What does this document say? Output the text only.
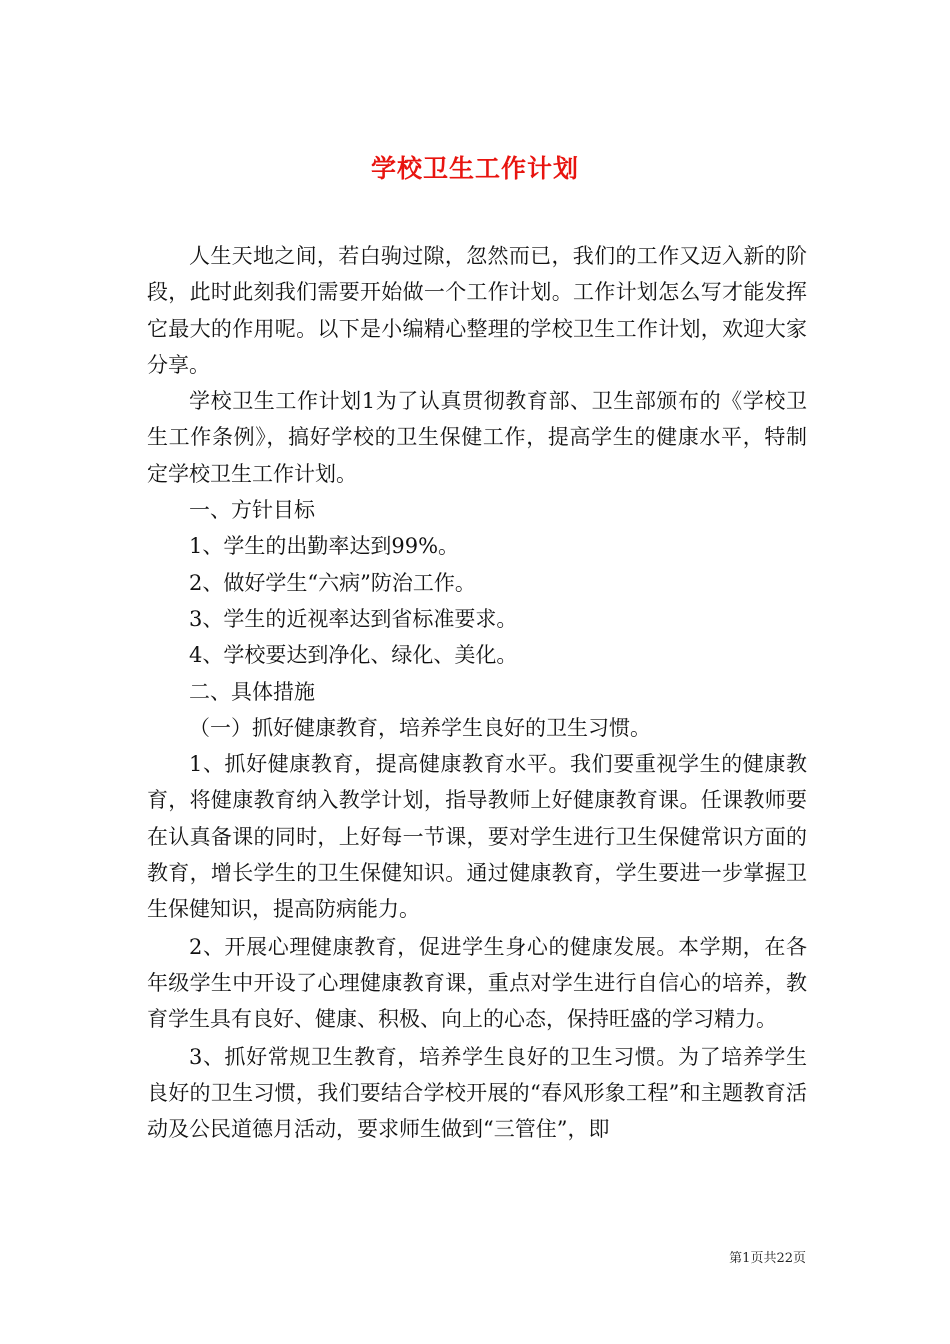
学校卫生工作计划

人生天地之间，若白驹过隙，忽然而已，我们的工作又迈入新的阶段，此时此刻我们需要开始做一个工作计划。工作计划怎么写才能发挥它最大的作用呢。以下是小编精心整理的学校卫生工作计划，欢迎大家分享。

学校卫生工作计划1为了认真贯彻教育部、卫生部颁布的《学校卫生工作条例》，搞好学校的卫生保健工作，提高学生的健康水平，特制定学校卫生工作计划。

一、方针目标

1、学生的出勤率达到99%。

2、做好学生“六病”防治工作。

3、学生的近视率达到省标准要求。

4、学校要达到净化、绿化、美化。

二、具体措施

（一）抓好健康教育，培养学生良好的卫生习惯。

1、抓好健康教育，提高健康教育水平。我们要重视学生的健康教育，将健康教育纳入教学计划，指导教师上好健康教育课。任课教师要在认真备课的同时，上好每一节课，要对学生进行卫生保健常识方面的教育，增长学生的卫生保健知识。通过健康教育，学生要进一步掌握卫生保健知识，提高防病能力。

2、开展心理健康教育，促进学生身心的健康发展。本学期，在各年级学生中开设了心理健康教育课，重点对学生进行自信心的培养，教育学生具有良好、健康、积极、向上的心态，保持旺盛的学习精力。

3、抓好常规卫生教育，培养学生良好的卫生习惯。为了培养学生良好的卫生习惯，我们要结合学校开展的“春风形象工程”和主题教育活动及公民道德月活动，要求师生做到“三管住”，即

第1页共22页
